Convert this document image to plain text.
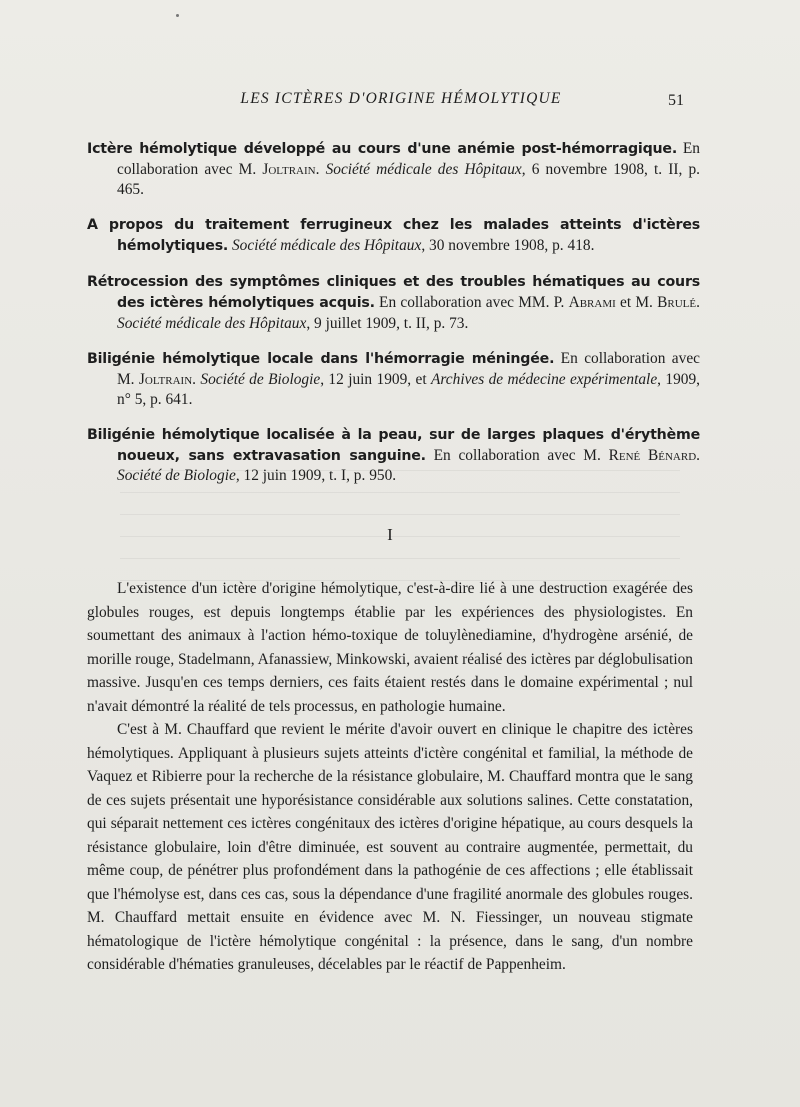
LES ICTÈRES D'ORIGINE HÉMOLYTIQUE	51

Ictère hémolytique développé au cours d'une anémie post-hémorragique. En collaboration avec M. Joltrain. Société médicale des Hôpitaux, 6 novembre 1908, t. II, p. 465.

A propos du traitement ferrugineux chez les malades atteints d'ictères hémolytiques. Société médicale des Hôpitaux, 30 novembre 1908, p. 418.

Rétrocession des symptômes cliniques et des troubles hématiques au cours des ictères hémolytiques acquis. En collaboration avec MM. P. Abrami et M. Brulé. Société médicale des Hôpitaux, 9 juillet 1909, t. II, p. 73.

Biligénie hémolytique locale dans l'hémorragie méningée. En collaboration avec M. Joltrain. Société de Biologie, 12 juin 1909, et Archives de médecine expérimentale, 1909, n° 5, p. 641.

Biligénie hémolytique localisée à la peau, sur de larges plaques d'érythème noueux, sans extravasation sanguine. En collaboration avec M. René Bénard. Société de Biologie, 12 juin 1909, t. I, p. 950.

I

L'existence d'un ictère d'origine hémolytique, c'est-à-dire lié à une destruction exagérée des globules rouges, est depuis longtemps établie par les expériences des physiologistes. En soumettant des animaux à l'action hémo-toxique de toluylènediamine, d'hydrogène arsénié, de morille rouge, Stadelmann, Afanassiew, Minkowski, avaient réalisé des ictères par déglobulisation massive. Jusqu'en ces temps derniers, ces faits étaient restés dans le domaine expérimental ; nul n'avait démontré la réalité de tels processus, en pathologie humaine.

C'est à M. Chauffard que revient le mérite d'avoir ouvert en clinique le chapitre des ictères hémolytiques. Appliquant à plusieurs sujets atteints d'ictère congénital et familial, la méthode de Vaquez et Ribierre pour la recherche de la résistance globulaire, M. Chauffard montra que le sang de ces sujets présentait une hyporésistance considérable aux solutions salines. Cette constatation, qui séparait nettement ces ictères congénitaux des ictères d'origine hépatique, au cours desquels la résistance globulaire, loin d'être diminuée, est souvent au contraire augmentée, permettait, du même coup, de pénétrer plus profondément dans la pathogénie de ces affections ; elle établissait que l'hémolyse est, dans ces cas, sous la dépendance d'une fragilité anormale des globules rouges. M. Chauffard mettait ensuite en évidence avec M. N. Fiessinger, un nouveau stigmate hématologique de l'ictère hémolytique congénital : la présence, dans le sang, d'un nombre considérable d'hématies granuleuses, décelables par le réactif de Pappenheim.
